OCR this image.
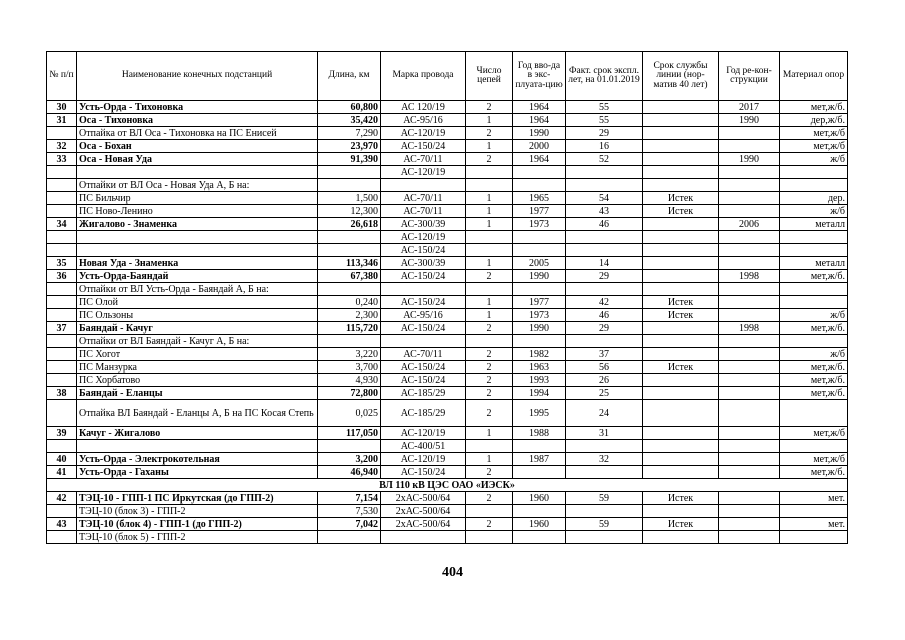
№ п/п	Наименование конечных подстанций	Длина, км	Марка провода	Число цепей	Год вво-да в экс-плуата-цию	Факт. срок экспл. лет, на 01.01.2019	Срок службы линии (нор-матив 40 лет)	Год ре-кон-струкции	Материал опор
30	Усть-Орда - Тихоновка	60,800	АС 120/19	2	1964	55		2017	мет,ж/б.
31	Оса - Тихоновка	35,420	АС-95/16	1	1964	55		1990	дер,ж/б.
	Отпайка от ВЛ Оса - Тихоновка на ПС Енисей	7,290	АС-120/19	2	1990	29			мет,ж/б
32	Оса - Бохан	23,970	АС-150/24	1	2000	16			мет,ж/б
33	Оса - Новая Уда	91,390	АС-70/11	2	1964	52		1990	ж/б
			АС-120/19						
	Отпайки от ВЛ Оса - Новая Уда А, Б на:								
	ПС Бильчир	1,500	АС-70/11	1	1965	54	Истек		дер.
	ПС Ново-Ленино	12,300	АС-70/11	1	1977	43	Истек		ж/б
34	Жигалово - Знаменка	26,618	АС-300/39	1	1973	46		2006	металл
			АС-120/19						
			АС-150/24						
35	Новая Уда - Знаменка	113,346	АС-300/39	1	2005	14			металл
36	Усть-Орда-Баяндай	67,380	АС-150/24	2	1990	29		1998	мет,ж/б.
	Отпайки от ВЛ Усть-Орда - Баяндай А, Б на:								
	ПС Олой	0,240	АС-150/24	1	1977	42	Истек		
	ПС Ользоны	2,300	АС-95/16	1	1973	46	Истек		ж/б
37	Баяндай - Качуг	115,720	АС-150/24	2	1990	29		1998	мет,ж/б.
	Отпайки от ВЛ Баяндай - Качуг А, Б на:								
	ПС Хогот	3,220	АС-70/11	2	1982	37			ж/б
	ПС Манзурка	3,700	АС-150/24	2	1963	56	Истек		мет,ж/б.
	ПС Хорбатово	4,930	АС-150/24	2	1993	26			мет,ж/б.
38	Баяндай - Еланцы	72,800	АС-185/29	2	1994	25			мет,ж/б.
	Отпайка ВЛ Баяндай - Еланцы А, Б на ПС Косая Степь	0,025	АС-185/29	2	1995	24			
39	Качуг - Жигалово	117,050	АС-120/19	1	1988	31			мет,ж/б
			АС-400/51						
40	Усть-Орда - Электрокотельная	3,200	АС-120/19	1	1987	32			мет,ж/б
41	Усть-Орда - Гаханы	46,940	АС-150/24	2					мет,ж/б.
ВЛ 110 кВ ЦЭС ОАО «ИЭСК»									
42	ТЭЦ-10 - ГПП-1 ПС Иркутская (до ГПП-2)	7,154	2хАС-500/64	2	1960	59	Истек		мет.
	ТЭЦ-10 (блок 3) - ГПП-2	7,530	2хАС-500/64						
43	ТЭЦ-10 (блок 4) - ГПП-1 (до ГПП-2)	7,042	2хАС-500/64	2	1960	59	Истек		мет.
	ТЭЦ-10 (блок 5) - ГПП-2								
404
